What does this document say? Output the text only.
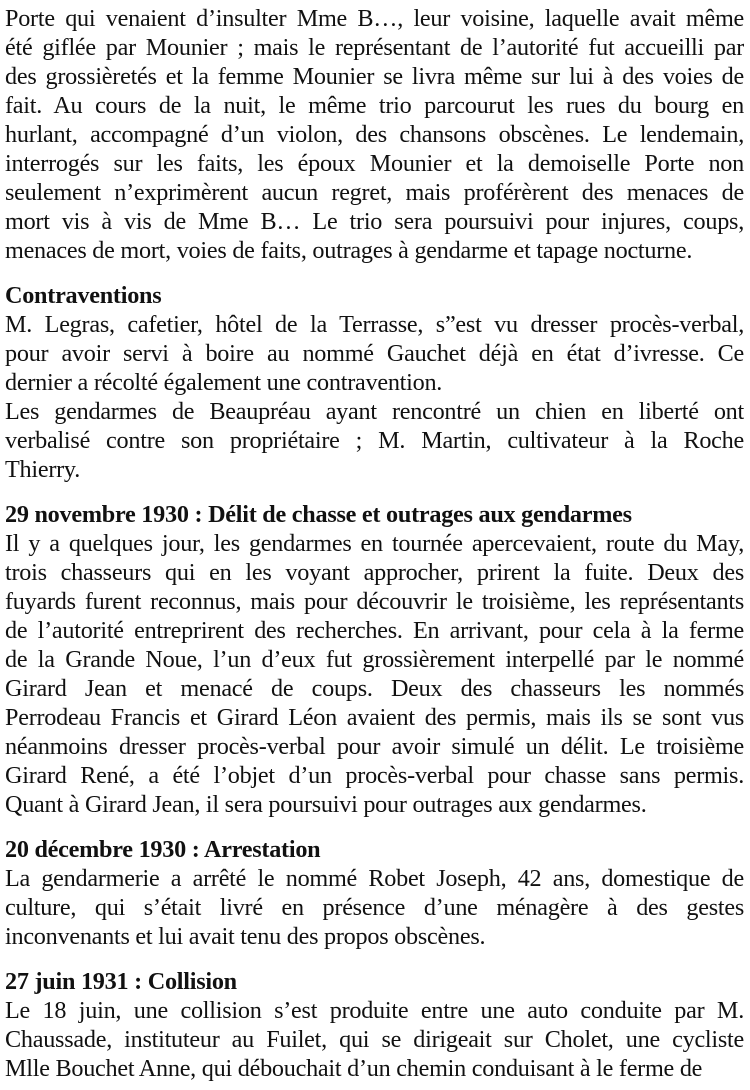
Porte qui venaient d’insulter Mme B…, leur voisine, laquelle avait même
été giflée par Mounier ; mais le représentant de l’autorité fut accueilli par
des grossièretés et la femme Mounier se livra même sur lui à des voies de
fait. Au cours de la nuit, le même trio parcourut les rues du bourg en
hurlant, accompagné d’un violon, des chansons obscènes. Le lendemain,
interrogés sur les faits, les époux Mounier et la demoiselle Porte non
seulement n’exprimèrent aucun regret, mais proférèrent des menaces de
mort vis à vis de Mme B… Le trio sera poursuivi pour injures, coups,
menaces de mort, voies de faits, outrages à gendarme et tapage nocturne.
Contraventions
M. Legras, cafetier, hôtel de la Terrasse, s”est vu dresser procès-verbal,
pour avoir servi à boire au nommé Gauchet déjà en état d’ivresse. Ce
dernier a récolté également une contravention.
Les gendarmes de Beaupréau ayant rencontré un chien en liberté ont
verbalisé contre son propriétaire ; M. Martin, cultivateur à la Roche
Thierry.
29 novembre 1930 : Délit de chasse et outrages aux gendarmes
Il y a quelques jour, les gendarmes en tournée apercevaient, route du May,
trois chasseurs qui en les voyant approcher, prirent la fuite. Deux des
fuyards furent reconnus, mais pour découvrir le troisième, les représentants
de l’autorité entreprirent des recherches. En arrivant, pour cela à la ferme
de la Grande Noue, l’un d’eux fut grossièrement interpellé par le nommé
Girard Jean et menacé de coups. Deux des chasseurs les nommés
Perrodeau Francis et Girard Léon avaient des permis, mais ils se sont vus
néanmoins dresser procès-verbal pour avoir simulé un délit. Le troisième
Girard René, a été l’objet d’un procès-verbal pour chasse sans permis.
Quant à Girard Jean, il sera poursuivi pour outrages aux gendarmes.
20 décembre 1930 : Arrestation
La gendarmerie a arrêté le nommé Robet Joseph, 42 ans, domestique de
culture, qui s’était livré en présence d’une ménagère à des gestes
inconvenants et lui avait tenu des propos obscènes.
27 juin 1931 : Collision
Le 18 juin, une collision s’est produite entre une auto conduite par M.
Chaussade, instituteur au Fuilet, qui se dirigeait sur Cholet, une cycliste
Mlle Bouchet Anne, qui débouchait d’un chemin conduisant à le ferme de
